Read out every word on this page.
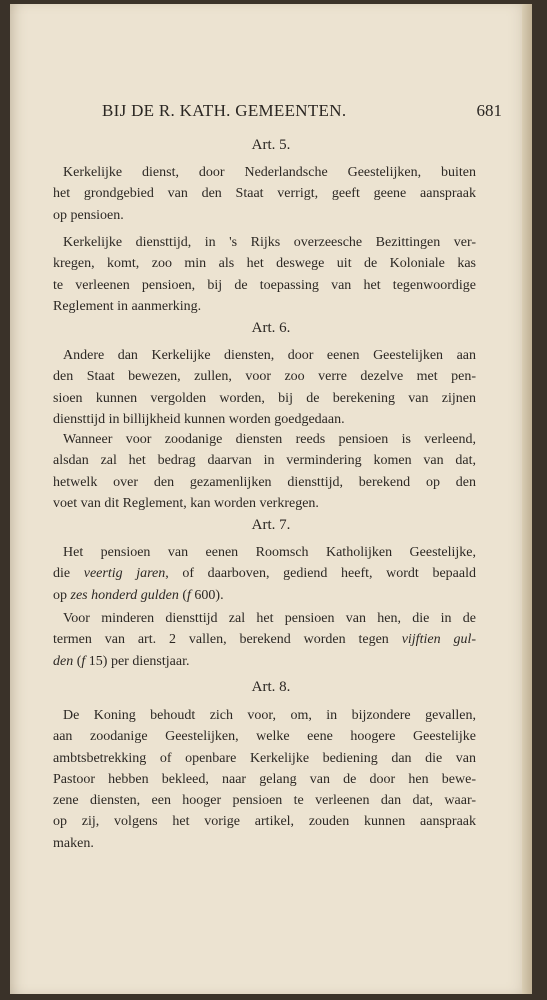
BIJ DE R. KATH. GEMEENTEN.	681
Art. 5.
Kerkelijke dienst, door Nederlandsche Geestelijken, buiten
het grondgebied van den Staat verrigt, geeft geene aanspraak
op pensioen.
Kerkelijke diensttijd, in 's Rijks overzeesche Bezittingen ver-
kregen, komt, zoo min als het deswege uit de Koloniale kas
te verleenen pensioen, bij de toepassing van het tegenwoordige
Reglement in aanmerking.
Art. 6.
Andere dan Kerkelijke diensten, door eenen Geestelijken aan
den Staat bewezen, zullen, voor zoo verre dezelve met pen-
sioen kunnen vergolden worden, bij de berekening van zijnen
diensttijd in billijkheid kunnen worden goedgedaan.
Wanneer voor zoodanige diensten reeds pensioen is verleend,
alsdan zal het bedrag daarvan in vermindering komen van dat,
hetwelk over den gezamenlijken diensttijd, berekend op den
voet van dit Reglement, kan worden verkregen.
Art. 7.
Het pensioen van eenen Roomsch Katholijken Geestelijke,
die veertig jaren, of daarboven, gediend heeft, wordt bepaald
op zes honderd gulden (f 600).
Voor minderen diensttijd zal het pensioen van hen, die in de
termen van art. 2 vallen, berekend worden tegen vijftien gul-
den (f 15) per dienstjaar.
Art. 8.
De Koning behoudt zich voor, om, in bijzondere gevallen,
aan zoodanige Geestelijken, welke eene hoogere Geestelijke
ambtsbetrekking of openbare Kerkelijke bediening dan die van
Pastoor hebben bekleed, naar gelang van de door hen bewe-
zene diensten, een hooger pensioen te verleenen dan dat, waar-
op zij, volgens het vorige artikel, zouden kunnen aanspraak
maken.
